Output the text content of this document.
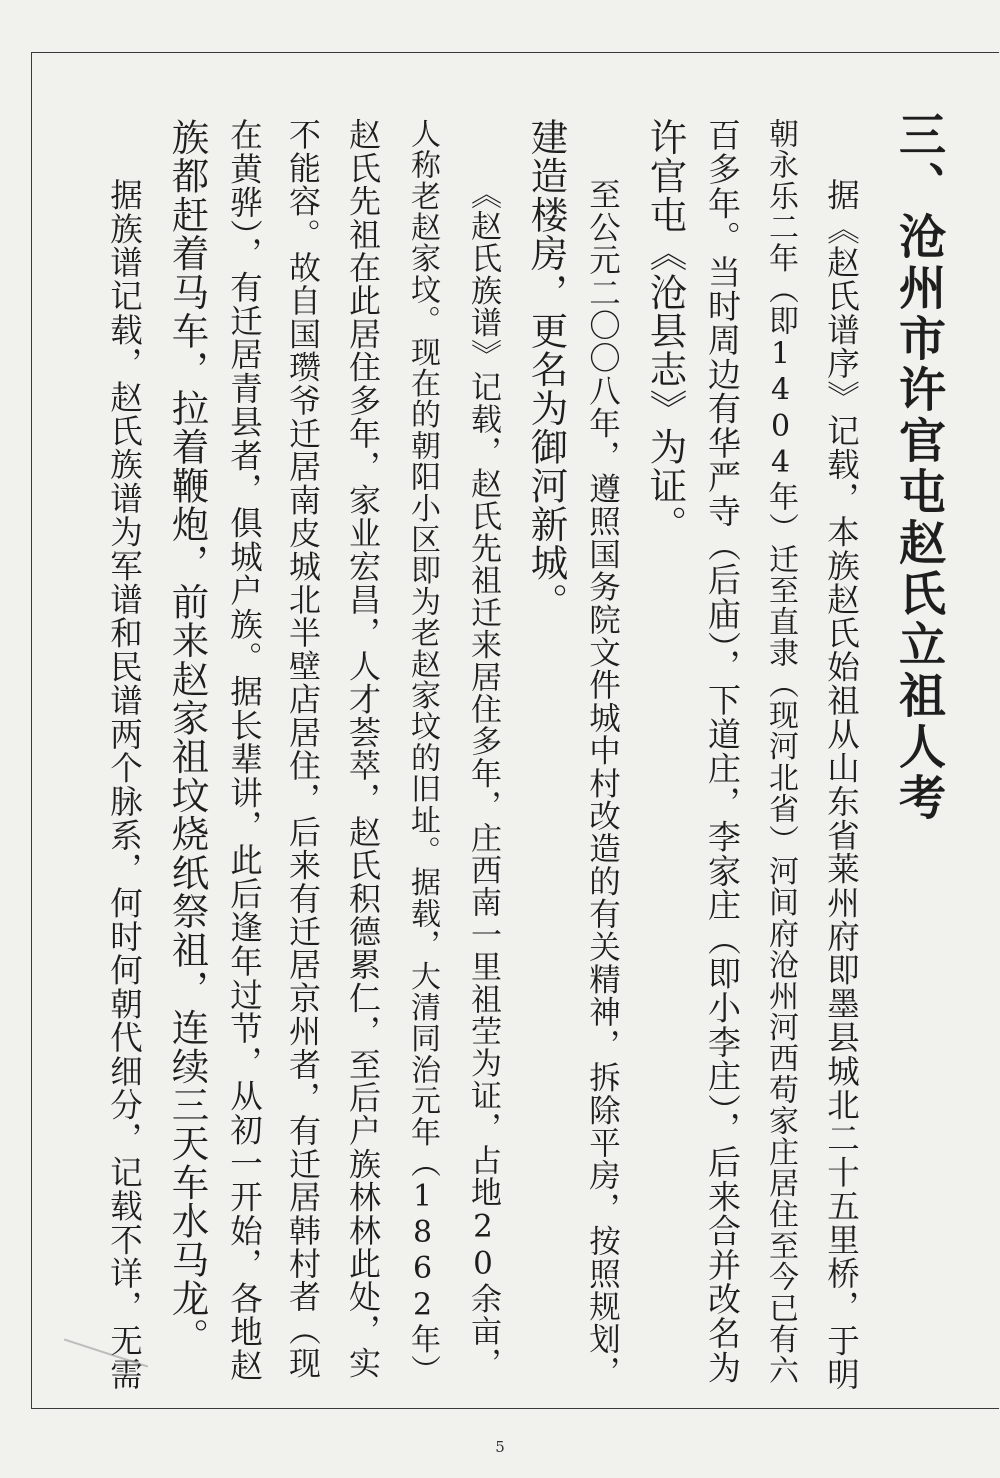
三、沧州市许官屯赵氏立祖人考
据《赵氏谱序》记载，本族赵氏始祖从山东省莱州府即墨县城北二十五里桥，于明
朝永乐二年（即1404年）迁至直隶（现河北省）河间府沧州河西苟家庄居住至今已有六
百多年。当时周边有华严寺（后庙），下道庄，李家庄（即小李庄），后来合并改名为
许官屯《沧县志》为证。
至公元二〇〇八年，遵照国务院文件城中村改造的有关精神，拆除平房，按照规划，
建造楼房，更名为御河新城。
《赵氏族谱》记载，赵氏先祖迁来居住多年，庄西南一里祖茔为证，占地20余亩，
人称老赵家坟。现在的朝阳小区即为老赵家坟的旧址。据载，大清同治元年（1862年）
赵氏先祖在此居住多年，家业宏昌，人才荟萃，赵氏积德累仁，至后户族林林此处，实
不能容。故自国瓒爷迁居南皮城北半壁店居住，后来有迁居京州者，有迁居韩村者（现
在黄骅），有迁居青县者，俱城户族。据长辈讲，此后逢年过节，从初一开始，各地赵
族都赶着马车，拉着鞭炮，前来赵家祖坟烧纸祭祖，连续三天车水马龙。
据族谱记载，赵氏族谱为军谱和民谱两个脉系，何时何朝代细分，记载不详，无需
5
